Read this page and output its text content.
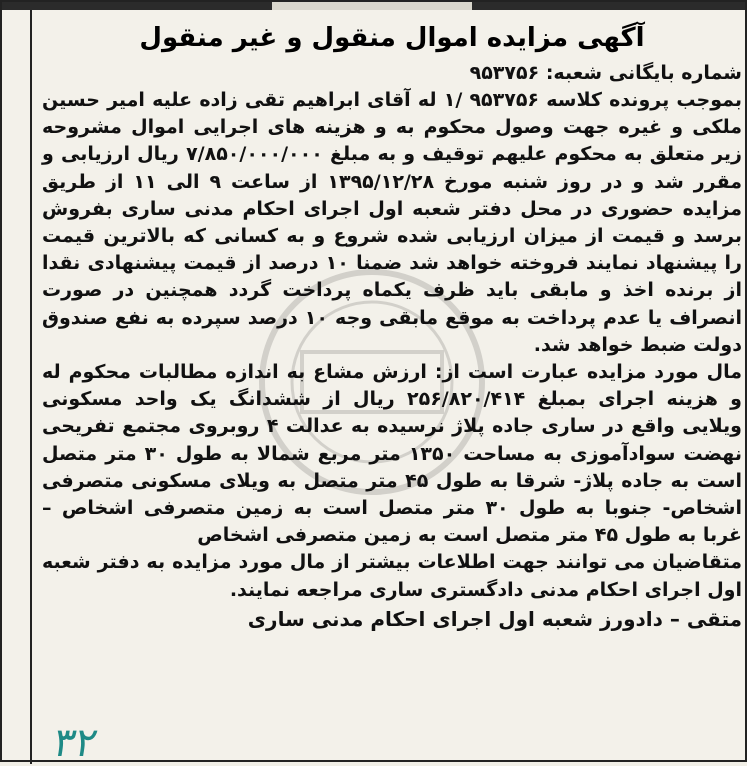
آگهی مزایده اموال منقول و غیر منقول
شماره بایگانی شعبه: ۹۵۳۷۵۶

بموجب پرونده کلاسه ۹۵۳۷۵۶ /۱ له آقای ابراهیم تقی زاده علیه امیر حسین ملکی و غیره جهت وصول محکوم به و هزینه های اجرایی اموال مشروحه زیر متعلق به محکوم علیهم توقیف و به مبلغ ۷/۸۵۰/۰۰۰/۰۰۰ ریال ارزیابی و مقرر شد و در روز شنبه مورخ ۱۳۹۵/۱۲/۲۸ از ساعت ۹ الی ۱۱ از طریق مزایده حضوری در محل دفتر شعبه اول اجرای احکام مدنی ساری بفروش برسد و قیمت از میزان ارزیابی شده شروع و به کسانی که بالاترین قیمت را پیشنهاد نمایند فروخته خواهد شد ضمنا ۱۰ درصد از قیمت پیشنهادی نقدا از برنده اخذ و مابقی باید ظرف یکماه پرداخت گردد همچنین در صورت انصراف یا عدم پرداخت به موقع مابقی وجه ۱۰ درصد سپرده به نفع صندوق دولت ضبط خواهد شد.

مال مورد مزایده عبارت است از: ارزش مشاع به اندازه مطالبات محکوم له و هزینه اجرای بمبلغ ۲۵۶/۸۲۰/۴۱۴ ریال از ششدانگ یک واحد مسکونی ویلایی واقع در ساری جاده پلاژ نرسیده به عدالت ۴ روبروی مجتمع تفریحی نهضت سوادآموزی به مساحت ۱۳۵۰ متر مربع شمالا به طول ۳۰ متر متصل است به جاده پلاژ- شرقا به طول ۴۵ متر متصل به ویلای مسکونی متصرفی اشخاص- جنوبا به طول ۳۰ متر متصل است به زمین متصرفی اشخاص – غربا به طول ۴۵ متر متصل است به زمین متصرفی اشخاص

متقاضیان می توانند جهت اطلاعات بیشتر از مال مورد مزایده به دفتر شعبه اول اجرای احکام مدنی دادگستری ساری مراجعه نمایند.

متقی – دادورز شعبه اول اجرای احکام مدنی ساری
۳۲
